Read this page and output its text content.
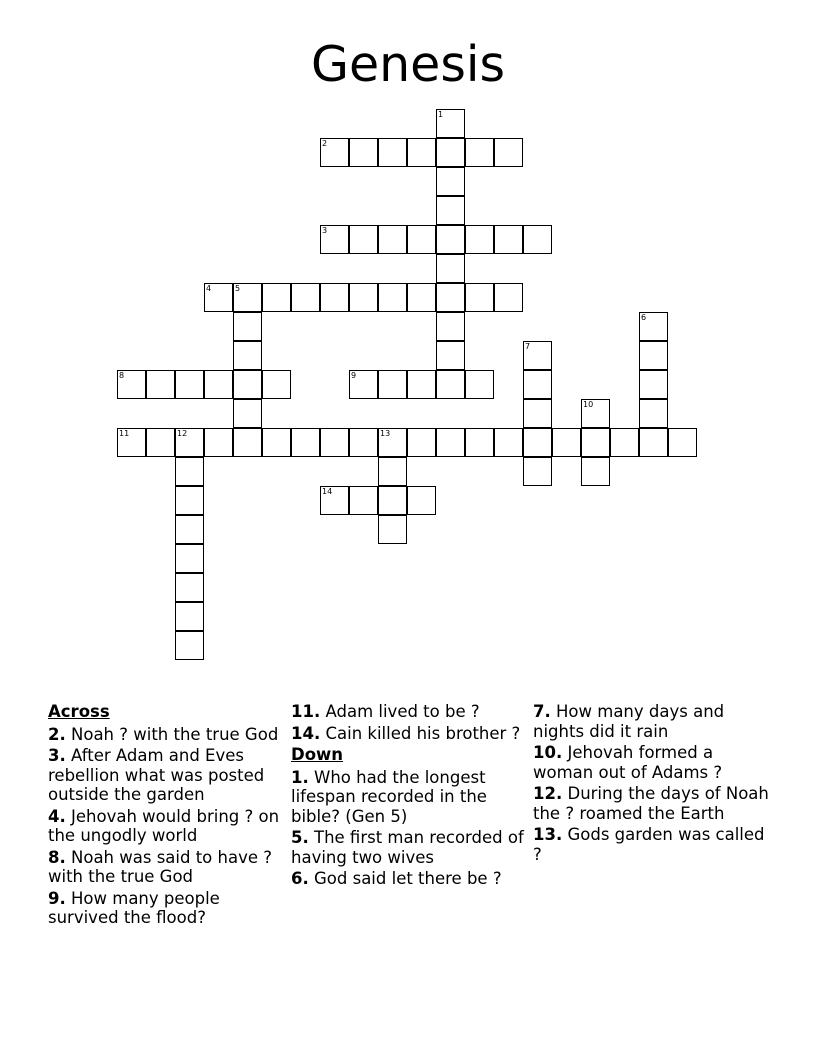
Genesis
1
2
3
4	5
6
7
8	9
10
11	12	13
14
Across
2. Noah ? with the true God
3. After Adam and Eves rebellion what was posted outside the garden
4. Jehovah would bring ? on the ungodly world
8. Noah was said to have ? with the true God
9. How many people survived the flood?
11. Adam lived to be ?
14. Cain killed his brother ?
Down
1. Who had the longest lifespan recorded in the bible? (Gen 5)
5. The first man recorded of having two wives
6. God said let there be ?
7. How many days and nights did it rain
10. Jehovah formed a woman out of Adams ?
12. During the days of Noah the ? roamed the Earth
13. Gods garden was called ?
